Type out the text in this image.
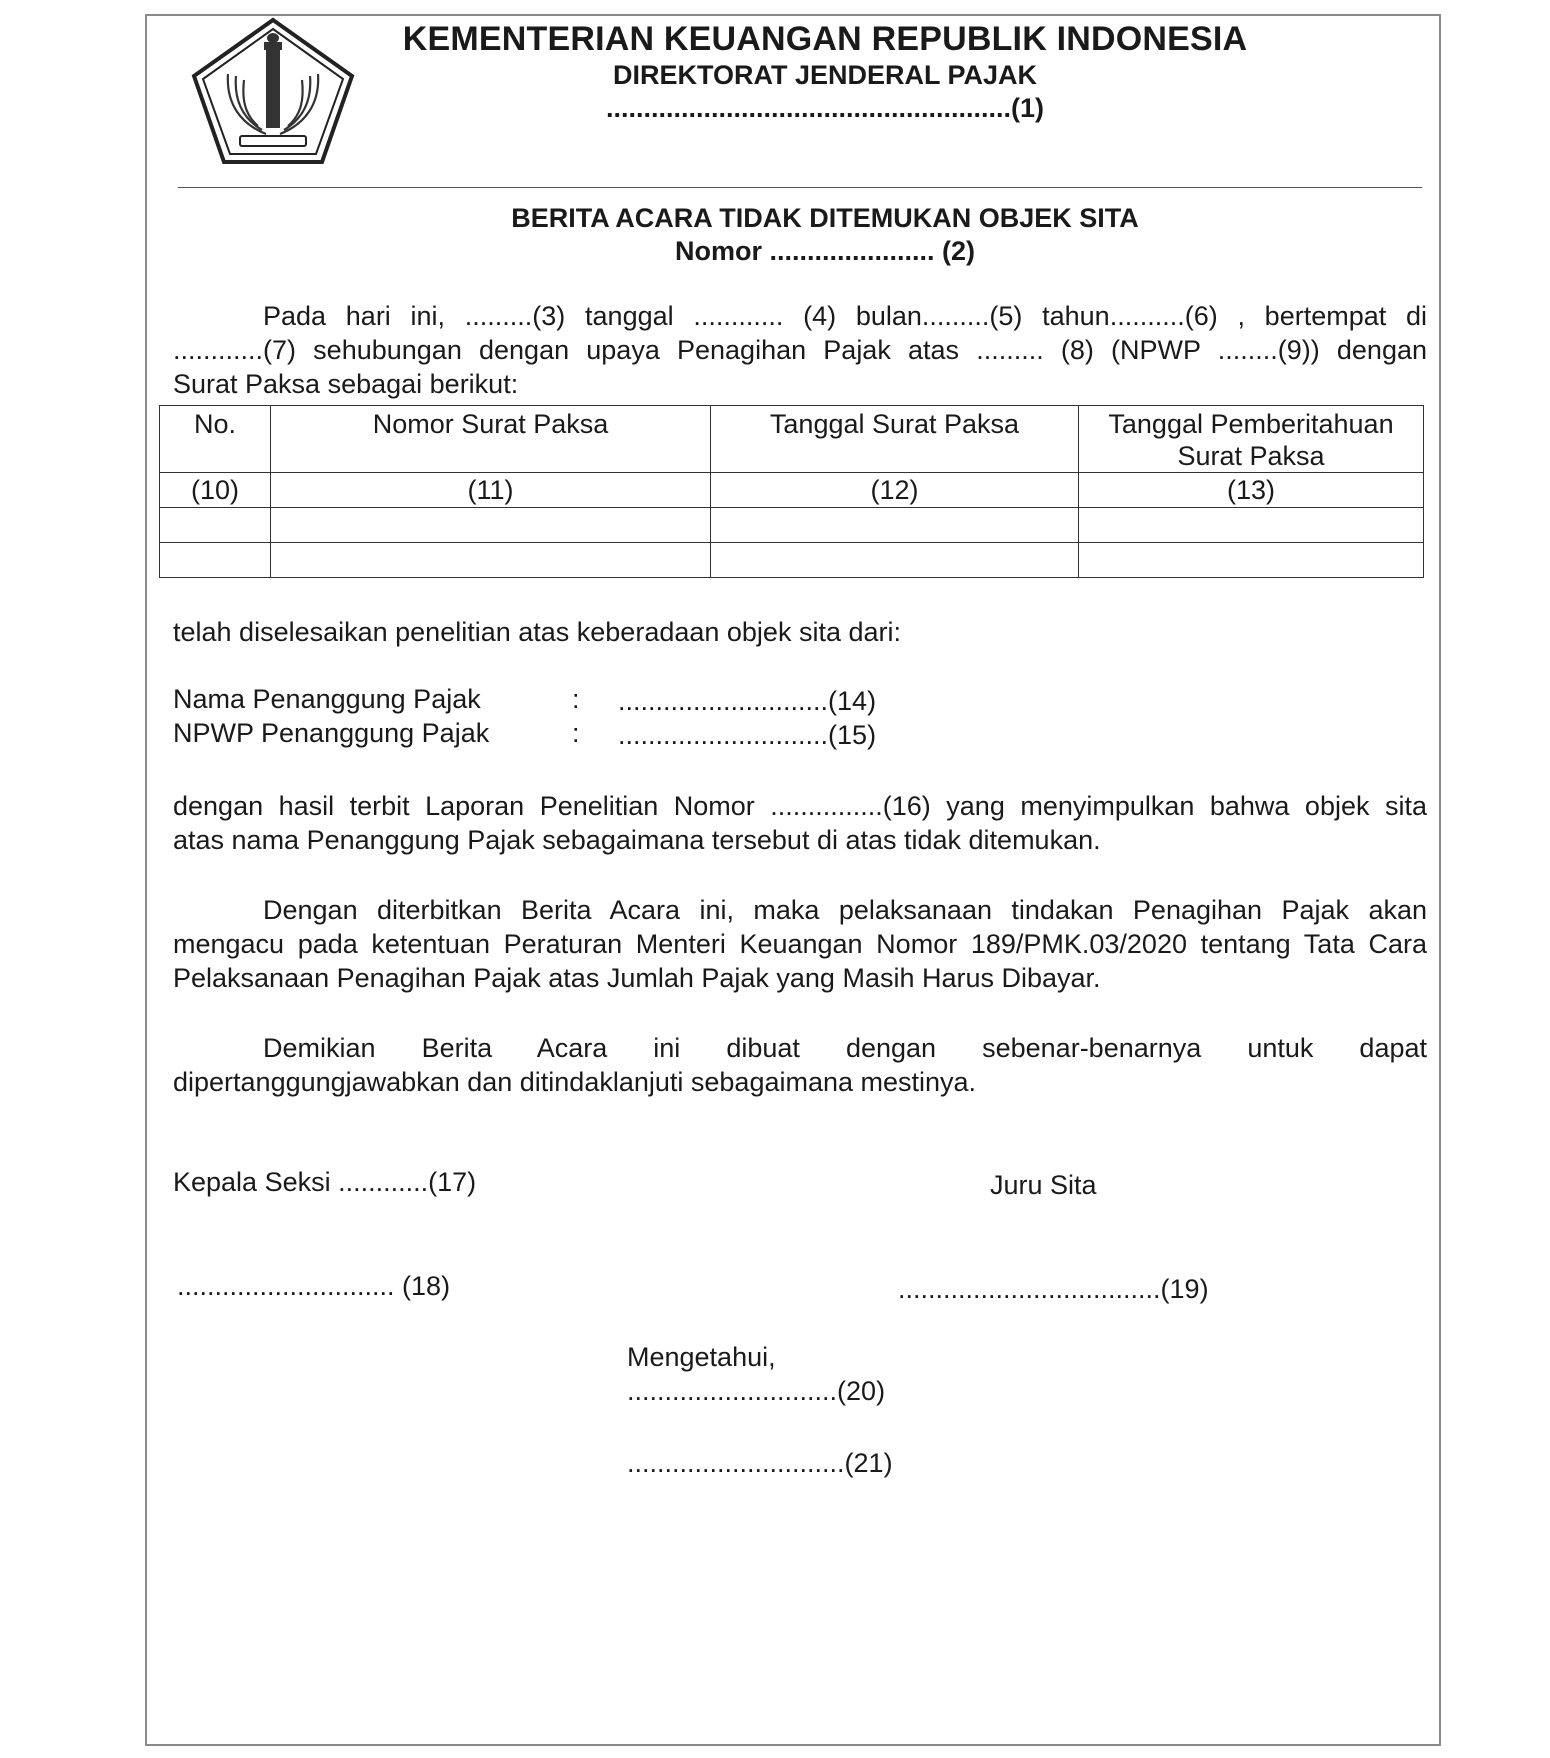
KEMENTERIAN KEUANGAN REPUBLIK INDONESIA
DIREKTORAT JENDERAL PAJAK
......................................................(1)
BERITA ACARA TIDAK DITEMUKAN OBJEK SITA
Nomor ...................... (2)
Pada hari ini, .........(3) tanggal ............ (4) bulan.........(5) tahun..........(6) , bertempat di
............(7) sehubungan dengan upaya Penagihan Pajak atas ......... (8) (NPWP ........(9)) dengan
Surat Paksa sebagai berikut:
No.	Nomor Surat Paksa	Tanggal Surat Paksa	Tanggal Pemberitahuan Surat Paksa
(10)	(11)	(12)	(13)

telah diselesaikan penelitian atas keberadaan objek sita dari:
Nama Penanggung Pajak	: ............................(14)
NPWP Penanggung Pajak	: ............................(15)
dengan hasil terbit Laporan Penelitian Nomor ...............(16) yang menyimpulkan bahwa objek sita
atas nama Penanggung Pajak sebagaimana tersebut di atas tidak ditemukan.
Dengan diterbitkan Berita Acara ini, maka pelaksanaan tindakan Penagihan Pajak akan
mengacu pada ketentuan Peraturan Menteri Keuangan Nomor 189/PMK.03/2020 tentang Tata Cara
Pelaksanaan Penagihan Pajak atas Jumlah Pajak yang Masih Harus Dibayar.
Demikian Berita Acara ini dibuat dengan sebenar-benarnya untuk dapat
dipertanggungjawabkan dan ditindaklanjuti sebagaimana mestinya.
Kepala Seksi ............(17)	Juru Sita
............................. (18)	...................................(19)
Mengetahui,
............................(20)
.............................(21)
